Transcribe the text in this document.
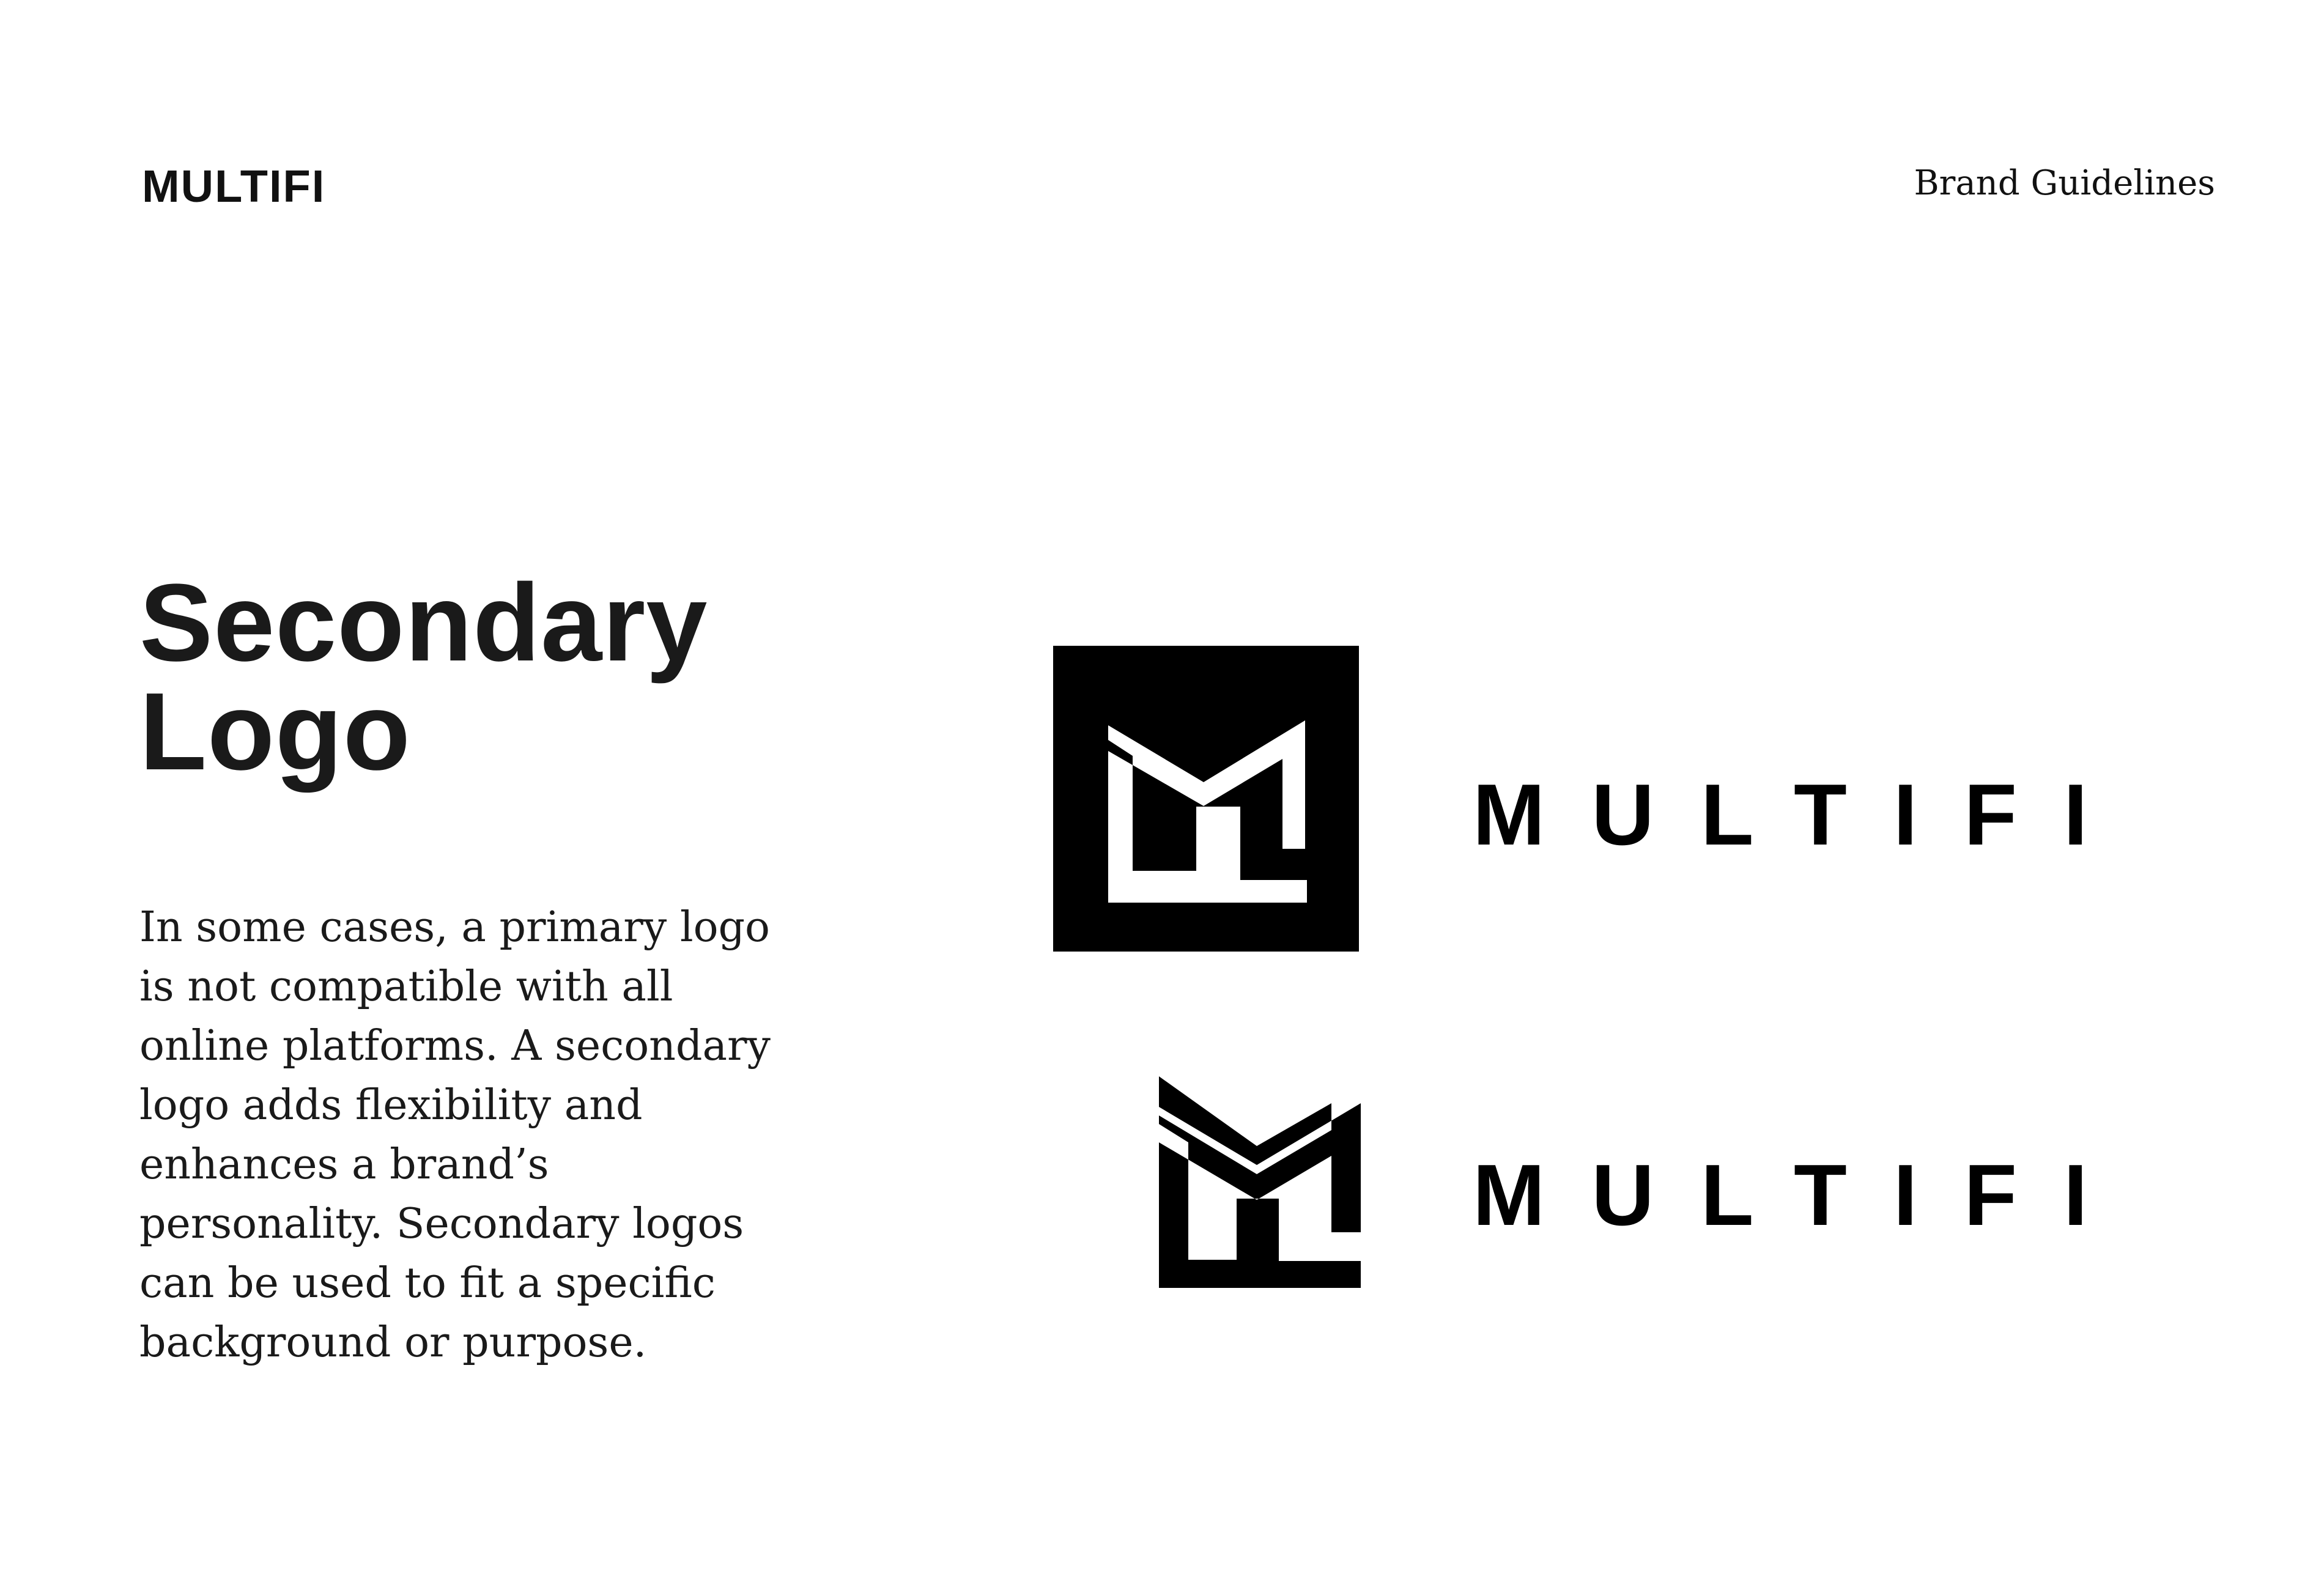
MULTIFI	Brand Guidelines
Secondary
Logo

In some cases, a primary logo is not compatible with all online platforms. A secondary logo adds flexibility and enhances a brand’s personality. Secondary logos can be used to fit a specific background or purpose.

MULTIFI
MULTIFI
